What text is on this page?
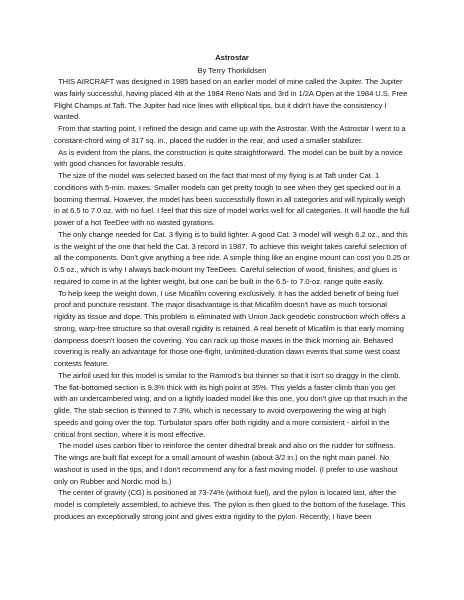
Astrostar
By Terry Thorkildsen

THIS AIRCRAFT was designed in 1985 based on an earlier model of mine called the Jupiter. The Jupiter was fairly successful, having placed 4th at the 1984 Reno Nats and 3rd in 1/2A Open at the 1984 U.S. Free Flight Champs at Taft. The Jupiter had nice lines with elliptical tips, but it didn't have the consistency I wanted.

From that starting point, I refined the design and came up with the Astrostar. With the Astrostar I went to a constant-chord wing of 317 sq. in., placed the rudder in the rear, and used a smaller stabilizer.

As is evident from the plans, the construction is quite straightforward. The model can be built by a novice with good chances for favorable results.

The size of the model was selected based on the fact that most of my flying is at Taft under Cat. 1 conditions with 5-min. maxes. Smaller models can get pretty tough to see when they get specked out in a booming thermal. However, the model has been successfully flown in all categories and will typically weigh in at 6.5 to 7.0 oz. with no fuel. I feel that this size of model works well for all categories. It will handle the full power of a hot TeeDee with no wasted gyrations.

The only change needed for Cat. 3 flying is to build lighter. A good Cat. 3 model will weigh 6.2 oz., and this is the weight of the one that held the Cat. 3 record in 1987. To achieve this weight takes careful selection of all the components. Don't give anything a free ride. A simple thing like an engine mount can cost you 0.25 or 0.5 oz., which is why I always back-mount my TeeDees. Careful selection of wood, finishes, and glues is required to come in at the lighter weight, but one can be built in the 6.5- to 7.0-oz. range quite easily.

To help keep the weight down, I use Micafilm covering exclusively. It has the added benefit of being fuel proof and puncture resistant. The major disadvantage is that Micafilm doesn't have as much torsional rigidity as tissue and dope. This problem is eliminated with Union Jack geodetic construction which offers a strong, warp-free structure so that overall rigidity is retained. A real benefit of Micafilm is that early morning dampness doesn't loosen the covering. You can rack up those maxes in the thick morning air. Behaved covering is really an advantage for those one-flight, unlimited-duration dawn events that some west coast contests feature.

The airfoil used for this model is similar to the Ramrod's but thinner so that it isn't so draggy in the climb. The flat-bottomed section is 9.3% thick with its high point at 35%. This yields a faster climb than you get with an undercambered wing, and on a lightly loaded model like this one, you don't give up that much in the glide. The stab section is thinned to 7.3%, which is necessary to avoid overpowering the wing at high speeds and going over the top. Turbulator spars offer both rigidity and a more consistent - airfoil in the critical front section, where it is most effective.

The model uses carbon fiber to reinforce the center dihedral break and also on the rudder for stiffness. The wings are built flat except for a small amount of washin (about 3/2 in.) on the right main panel. No washout is used in the tips, and I don't recommend any for a fast moving model. (I prefer to use washout only on Rubber and Nordic mod ls.)

The center of gravity (CG) is positioned at 73-74% (without fuel), and the pylon is located last, after the model is completely assembled, to achieve this. The pylon is then glued to the bottom of the fuselage. This produces an exceptionally strong joint and gives extra rigidity to the pylon. Recently, I have been
